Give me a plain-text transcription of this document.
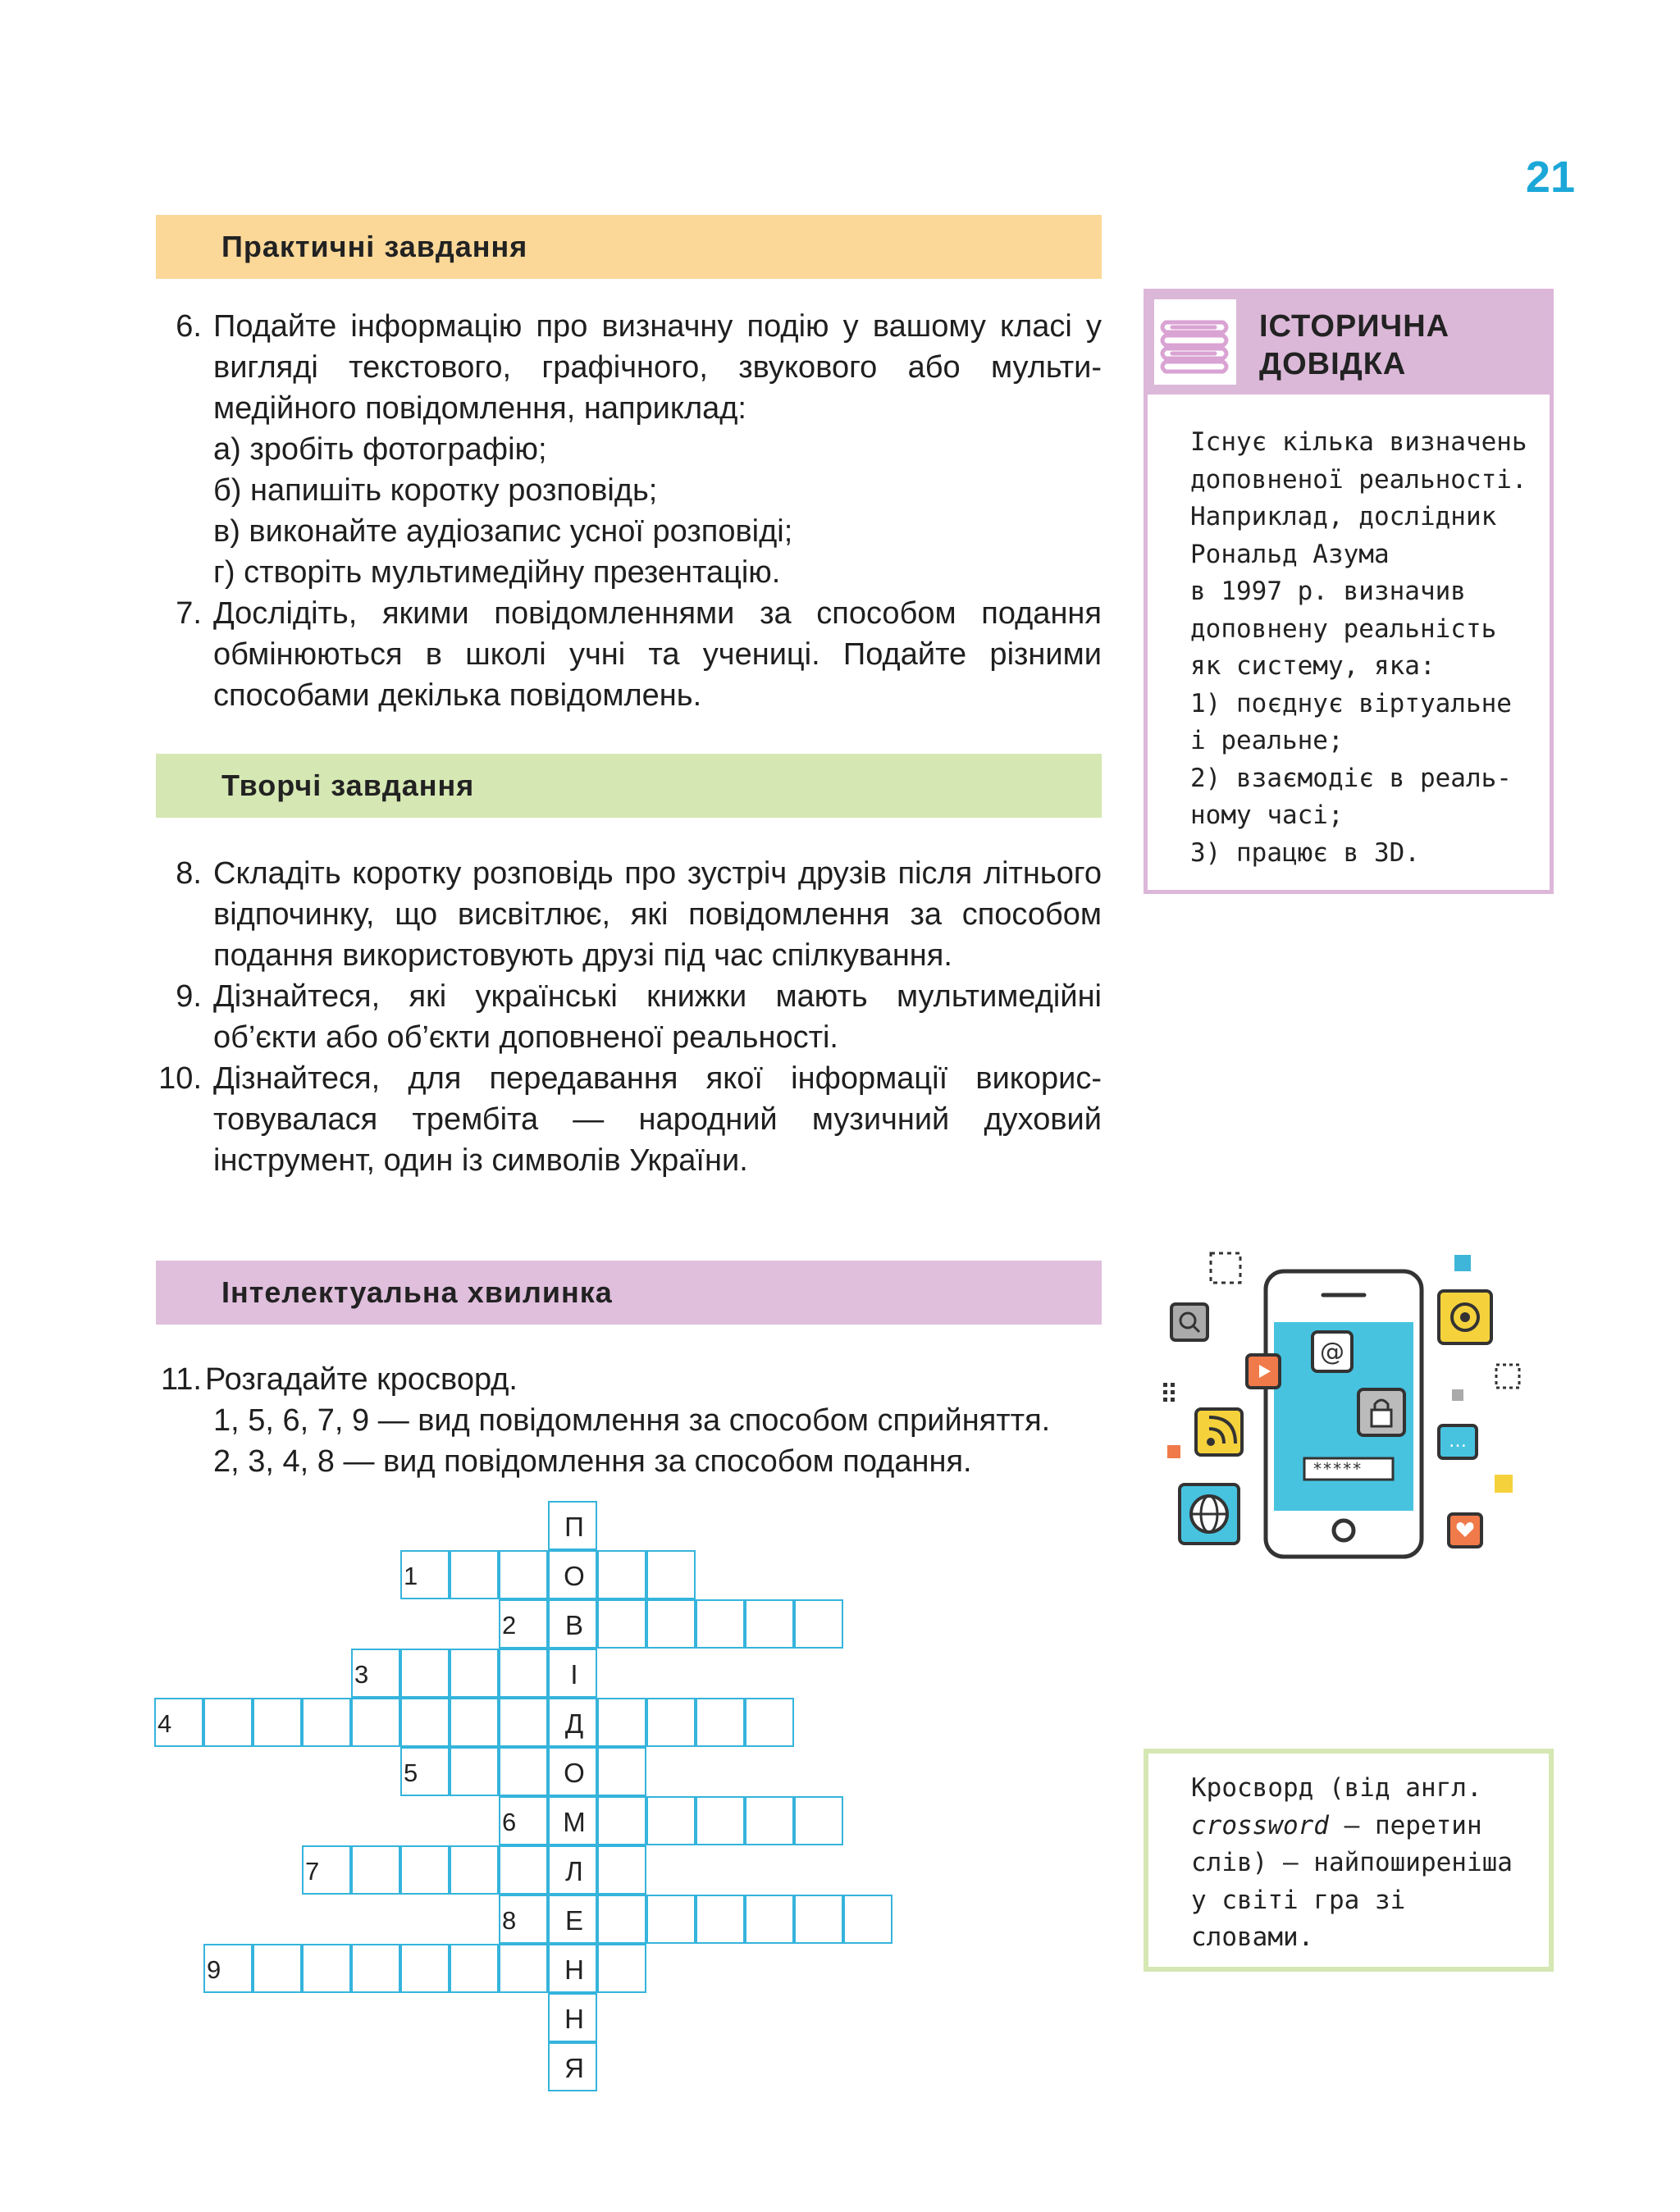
21
Практичні завдання
6. Подайте інформацію про визначну подію у вашому класі у вигляді текстового, графічного, звукового або мультимедійного повідомлення, наприклад:
а) зробіть фотографію;
б) напишіть коротку розповідь;
в) виконайте аудіозапис усної розповіді;
г) створіть мультимедійну презентацію.
7. Дослідіть, якими повідомленнями за способом подання обмінюються в школі учні та учениці. Подайте різними способами декілька повідомлень.
Творчі завдання
8. Складіть коротку розповідь про зустріч друзів після літнього відпочинку, що висвітлює, які повідомлення за способом подання використовують друзі під час спілкування.
9. Дізнайтеся, які українські книжки мають мультимедійні об’єкти або об’єкти доповненої реальності.
10. Дізнайтеся, для передавання якої інформації використовувалася трембіта — народний музичний духовий інструмент, один із символів України.
Інтелектуальна хвилинка
11. Розгадайте кросворд.
1, 5, 6, 7, 9 — вид повідомлення за способом сприйняття.
2, 3, 4, 8 — вид повідомлення за способом подання.
П
О
1
В
2
І
3
Д
4
О
5
М
6
Л
7
Е
8
Н
9
Н
Я
ІСТОРИЧНА
ДОВІДКА
Існує кілька визначень
доповненої реальності.
Наприклад, дослідник
Рональд Азума
в 1997 р. визначив
доповнену реальність
як систему, яка:
1) поєднує віртуальне
і реальне;
2) взаємодіє в реаль-
ному часі;
3) працює в 3D.
@
*****
…
Кросворд (від англ. crossword — перетин слів) — найпоширеніша у світі гра зі словами.
